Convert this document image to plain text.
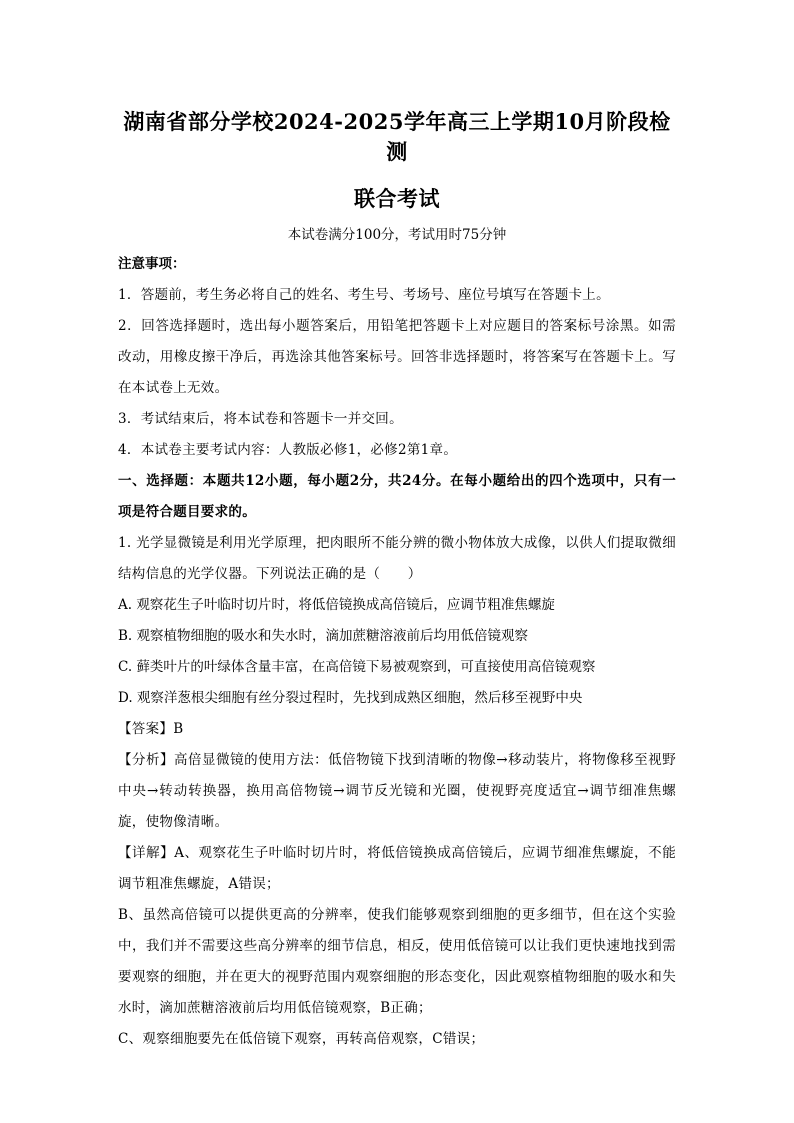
湖南省部分学校2024-2025学年高三上学期10月阶段检测
联合考试
本试卷满分100分，考试用时75分钟
注意事项：

1．答题前，考生务必将自己的姓名、考生号、考场号、座位号填写在答题卡上。

2．回答选择题时，选出每小题答案后，用铅笔把答题卡上对应题目的答案标号涂黑。如需改动，用橡皮擦干净后，再选涂其他答案标号。回答非选择题时，将答案写在答题卡上。写在本试卷上无效。

3．考试结束后，将本试卷和答题卡一并交回。

4．本试卷主要考试内容：人教版必修1，必修2第1章。

一、选择题：本题共12小题，每小题2分，共24分。在每小题给出的四个选项中，只有一项是符合题目要求的。

1. 光学显微镜是利用光学原理，把肉眼所不能分辨的微小物体放大成像，以供人们提取微细结构信息的光学仪器。下列说法正确的是（　　）

A. 观察花生子叶临时切片时，将低倍镜换成高倍镜后，应调节粗准焦螺旋

B. 观察植物细胞的吸水和失水时，滴加蔗糖溶液前后均用低倍镜观察

C. 藓类叶片的叶绿体含量丰富，在高倍镜下易被观察到，可直接使用高倍镜观察

D. 观察洋葱根尖细胞有丝分裂过程时，先找到成熟区细胞，然后移至视野中央

【答案】B

【分析】高倍显微镜的使用方法：低倍物镜下找到清晰的物像→移动装片，将物像移至视野中央→转动转换器，换用高倍物镜→调节反光镜和光圈，使视野亮度适宜→调节细准焦螺旋，使物像清晰。

【详解】A、观察花生子叶临时切片时，将低倍镜换成高倍镜后，应调节细准焦螺旋，不能调节粗准焦螺旋，A错误；

B、虽然高倍镜可以提供更高的分辨率，使我们能够观察到细胞的更多细节，但在这个实验中，我们并不需要这些高分辨率的细节信息，相反，使用低倍镜可以让我们更快速地找到需要观察的细胞，并在更大的视野范围内观察细胞的形态变化，因此观察植物细胞的吸水和失水时，滴加蔗糖溶液前后均用低倍镜观察，B正确；

C、观察细胞要先在低倍镜下观察，再转高倍观察，C错误；
